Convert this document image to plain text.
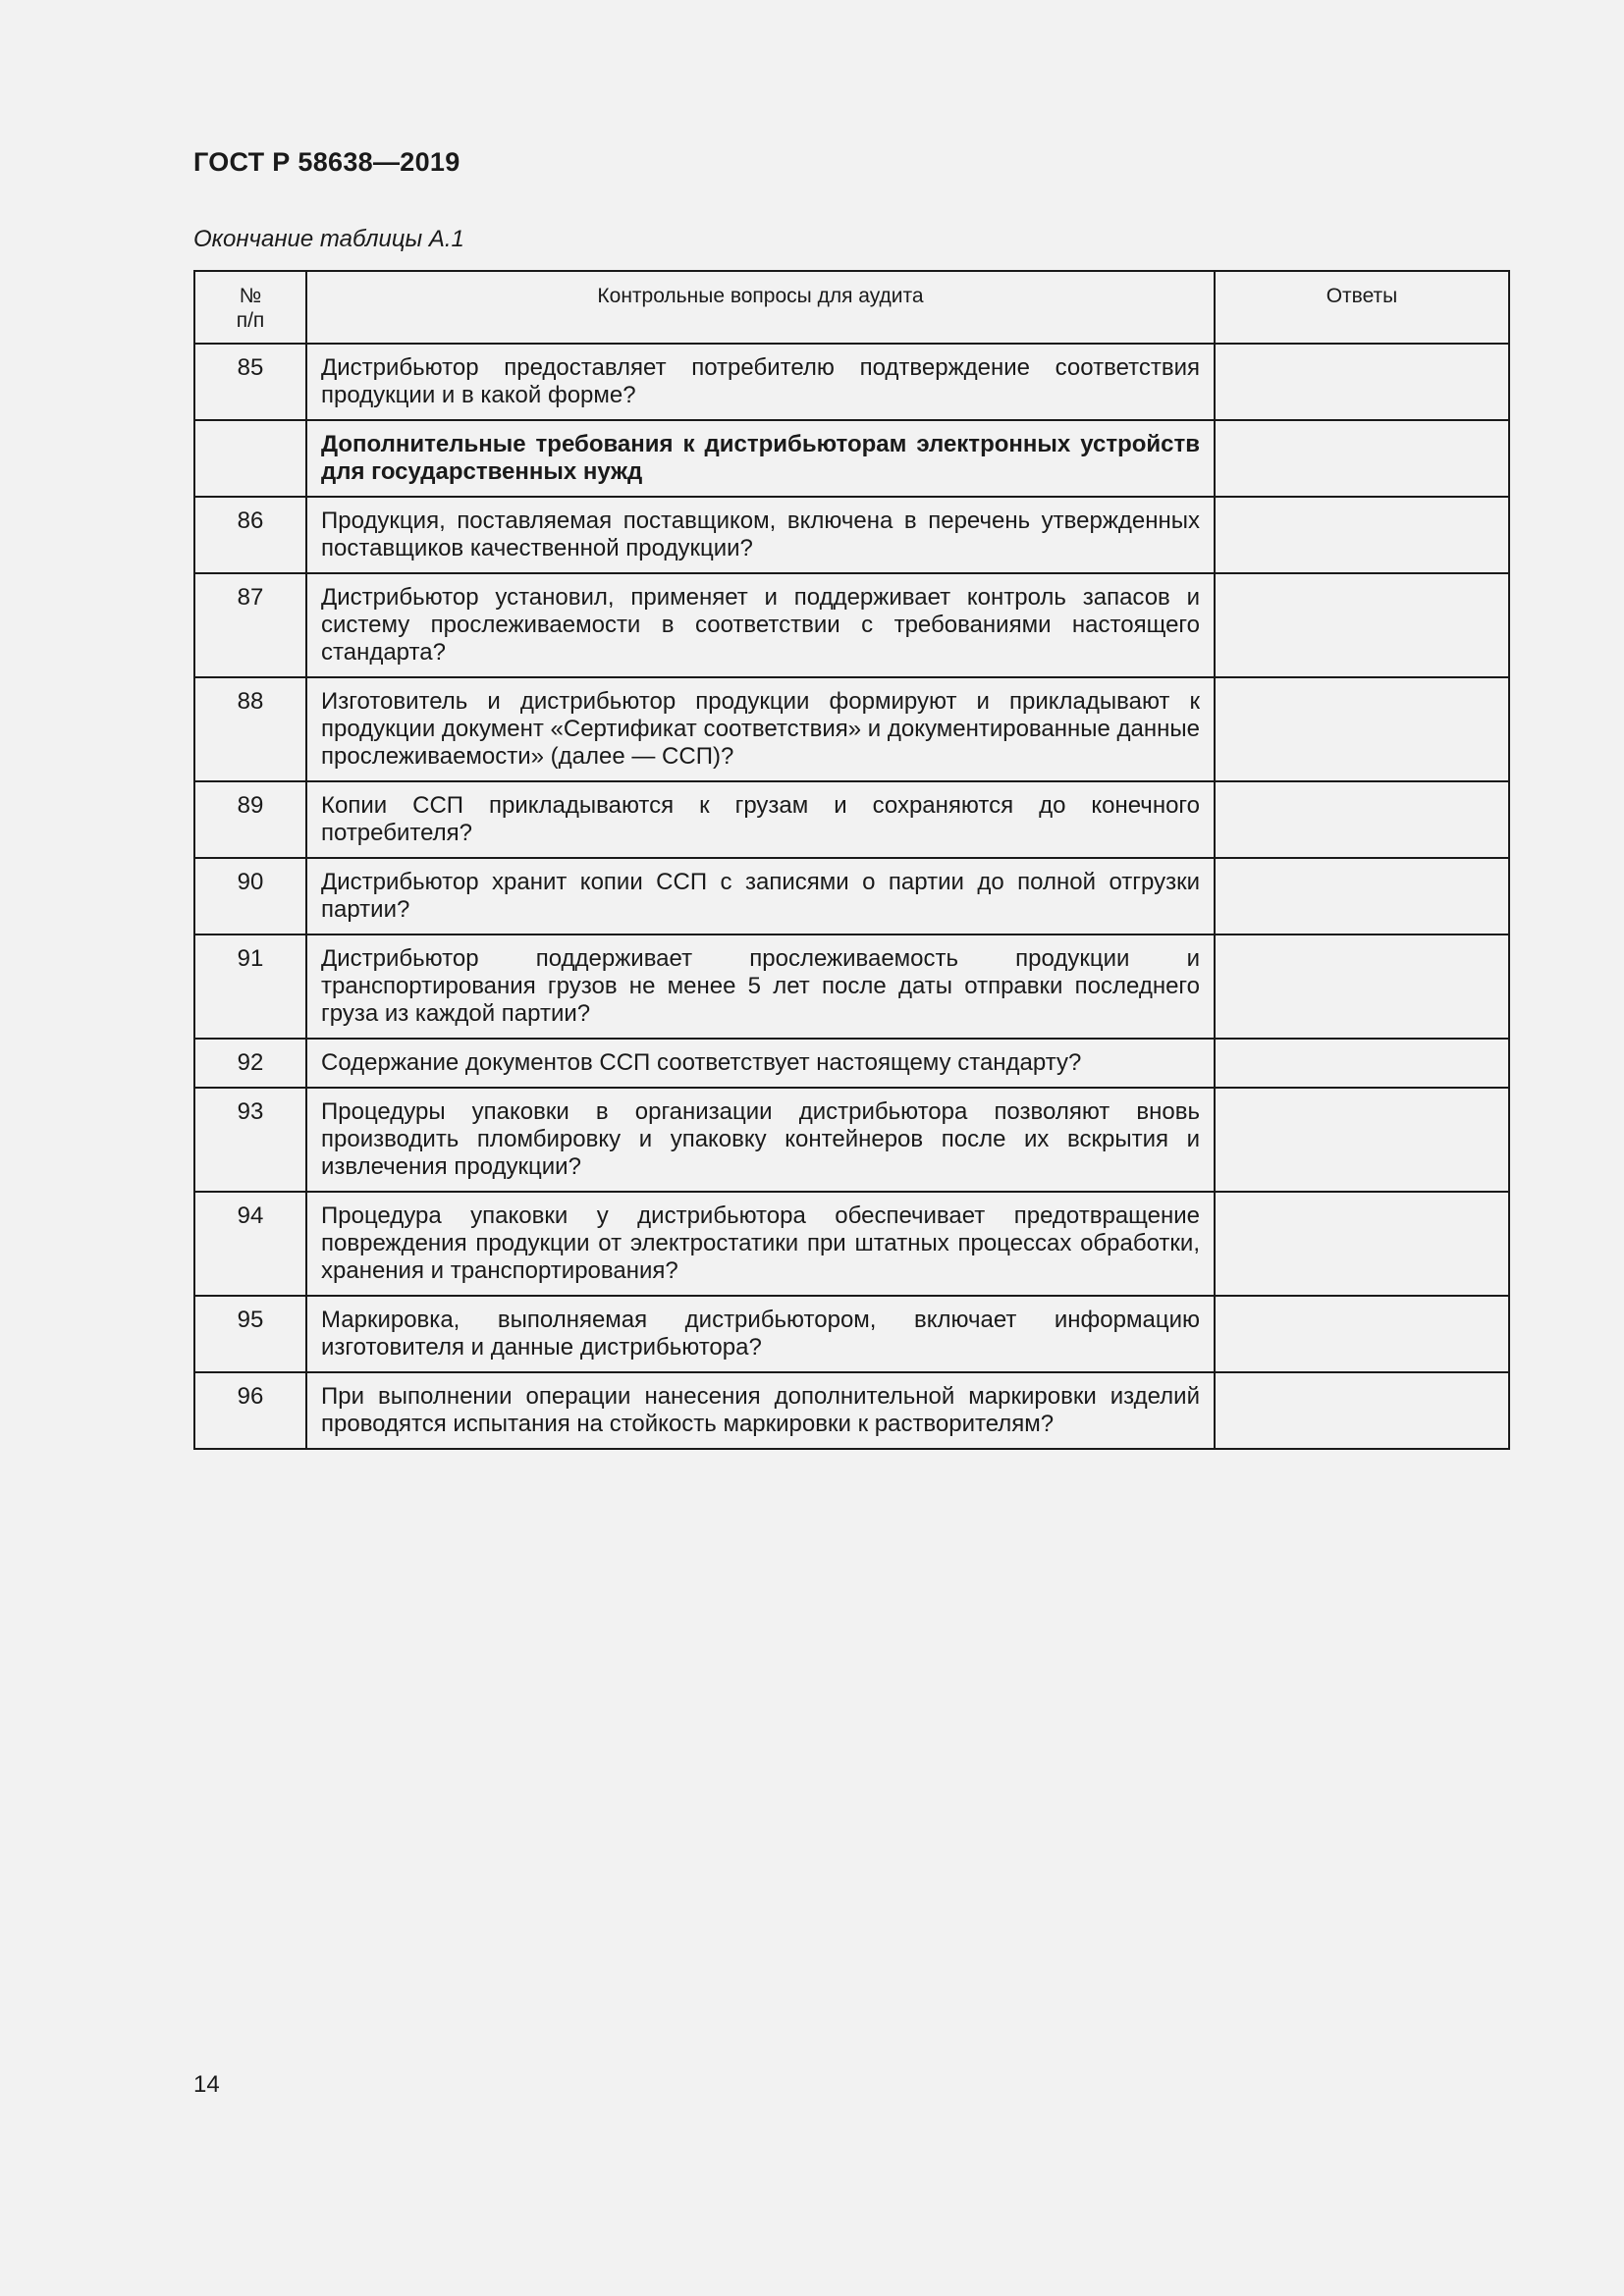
ГОСТ Р 58638—2019
Окончание таблицы А.1
№
п/п	Контрольные вопросы для аудита	Ответы
85	Дистрибьютор предоставляет потребителю подтверждение соответствия продукции и в какой форме?	
	Дополнительные требования к дистрибьюторам электронных устройств для государственных нужд	
86	Продукция, поставляемая поставщиком, включена в перечень утвержденных поставщиков качественной продукции?	
87	Дистрибьютор установил, применяет и поддерживает контроль запасов и систему прослеживаемости в соответствии с требованиями настоящего стандарта?	
88	Изготовитель и дистрибьютор продукции формируют и прикладывают к продукции документ «Сертификат соответствия» и документированные данные прослеживаемости» (далее — ССП)?	
89	Копии ССП прикладываются к грузам и сохраняются до конечного потребителя?	
90	Дистрибьютор хранит копии ССП с записями о партии до полной отгрузки партии?	
91	Дистрибьютор поддерживает прослеживаемость продукции и транспортирования грузов не менее 5 лет после даты отправки последнего груза из каждой партии?	
92	Содержание документов ССП соответствует настоящему стандарту?	
93	Процедуры упаковки в организации дистрибьютора позволяют вновь производить пломбировку и упаковку контейнеров после их вскрытия и извлечения продукции?	
94	Процедура упаковки у дистрибьютора обеспечивает предотвращение повреждения продукции от электростатики при штатных процессах обработки, хранения и транспортирования?	
95	Маркировка, выполняемая дистрибьютором, включает информацию изготовителя и данные дистрибьютора?	
96	При выполнении операции нанесения дополнительной маркировки изделий проводятся испытания на стойкость маркировки к растворителям?	
14
